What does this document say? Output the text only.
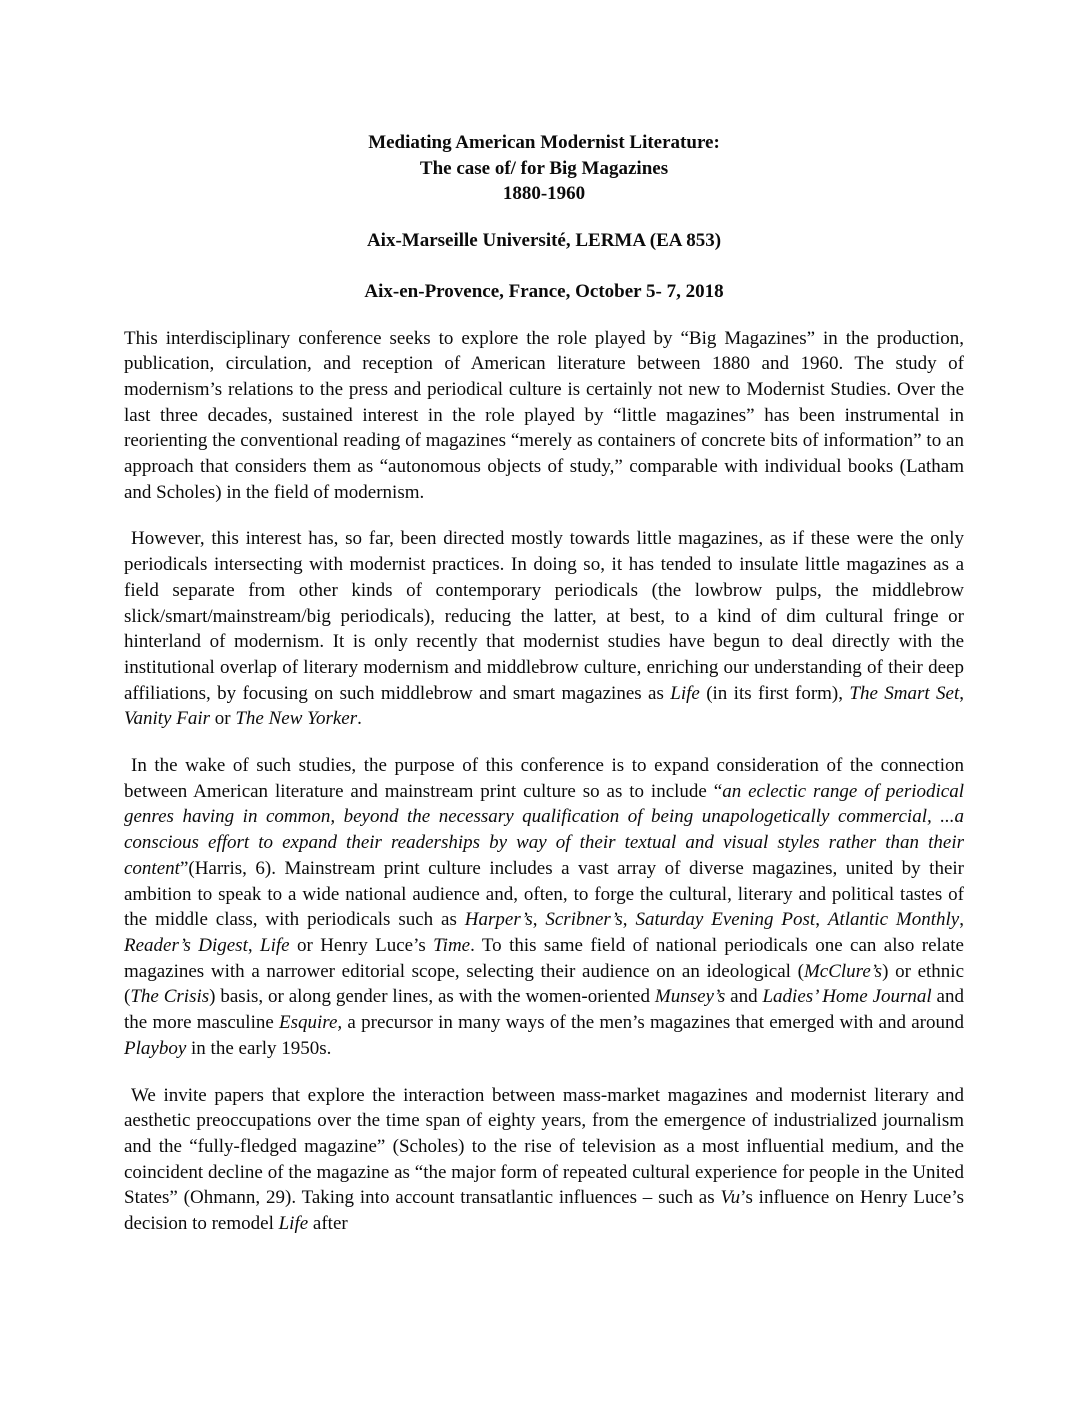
Mediating American Modernist Literature:
The case of/ for Big Magazines
1880-1960
Aix-Marseille Université, LERMA (EA 853)
Aix-en-Provence, France, October 5- 7, 2018

This interdisciplinary conference seeks to explore the role played by “Big Magazines” in the production, publication, circulation, and reception of American literature between 1880 and 1960. The study of modernism’s relations to the press and periodical culture is certainly not new to Modernist Studies. Over the last three decades, sustained interest in the role played by “little magazines” has been instrumental in reorienting the conventional reading of magazines “merely as containers of concrete bits of information” to an approach that considers them as “autonomous objects of study,” comparable with individual books (Latham and Scholes) in the field of modernism.

However, this interest has, so far, been directed mostly towards little magazines, as if these were the only periodicals intersecting with modernist practices. In doing so, it has tended to insulate little magazines as a field separate from other kinds of contemporary periodicals (the lowbrow pulps, the middlebrow slick/smart/mainstream/big periodicals), reducing the latter, at best, to a kind of dim cultural fringe or hinterland of modernism. It is only recently that modernist studies have begun to deal directly with the institutional overlap of literary modernism and middlebrow culture, enriching our understanding of their deep affiliations, by focusing on such middlebrow and smart magazines as Life (in its first form), The Smart Set, Vanity Fair or The New Yorker.

In the wake of such studies, the purpose of this conference is to expand consideration of the connection between American literature and mainstream print culture so as to include “an eclectic range of periodical genres having in common, beyond the necessary qualification of being unapologetically commercial, ...a conscious effort to expand their readerships by way of their textual and visual styles rather than their content”(Harris, 6). Mainstream print culture includes a vast array of diverse magazines, united by their ambition to speak to a wide national audience and, often, to forge the cultural, literary and political tastes of the middle class, with periodicals such as Harper’s, Scribner’s, Saturday Evening Post, Atlantic Monthly, Reader’s Digest, Life or Henry Luce’s Time. To this same field of national periodicals one can also relate magazines with a narrower editorial scope, selecting their audience on an ideological (McClure’s) or ethnic (The Crisis) basis, or along gender lines, as with the women-oriented Munsey’s and Ladies’ Home Journal and the more masculine Esquire, a precursor in many ways of the men’s magazines that emerged with and around Playboy in the early 1950s.

We invite papers that explore the interaction between mass-market magazines and modernist literary and aesthetic preoccupations over the time span of eighty years, from the emergence of industrialized journalism and the “fully-fledged magazine” (Scholes) to the rise of television as a most influential medium, and the coincident decline of the magazine as “the major form of repeated cultural experience for people in the United States” (Ohmann, 29). Taking into account transatlantic influences – such as Vu’s influence on Henry Luce’s decision to remodel Life after
